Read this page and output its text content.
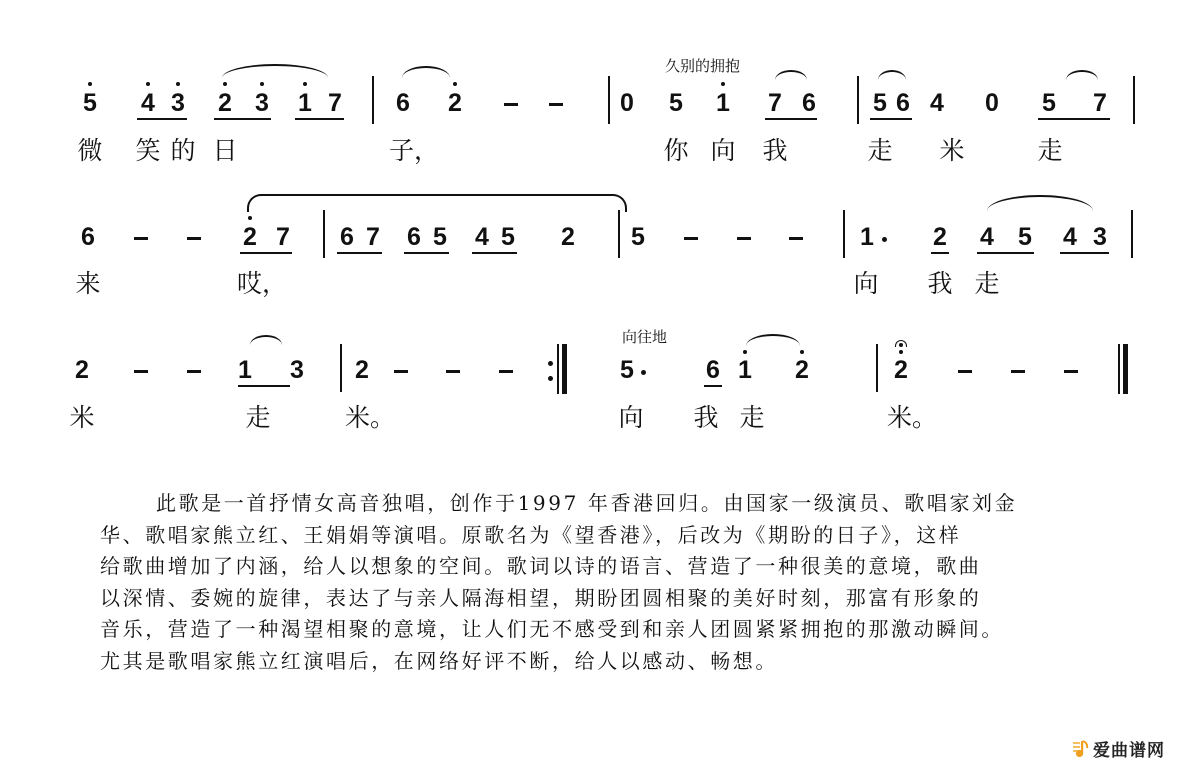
5 4 3 2 3 1 7 6 2
久别的拥抱
0 5 1 7 6 5 6 4 0 5 7
微 笑 的 日	子，	你 向 我	走 米	走
6	2 7 6 7 6 5 4 5 2 5	1 2 4 5 4 3
来	哎，	向 我 走
2	1 3 2
向往地
5	6 1 2	2
米	走	米。	向 我 走	米。

此歌是一首抒情女高音独唱，创作于1997 年香港回归。由国家一级演员、歌唱家刘金

华、歌唱家熊立红、王娟娟等演唱。原歌名为《望香港》，后改为《期盼的日子》，这样

给歌曲增加了内涵，给人以想象的空间。歌词以诗的语言、营造了一种很美的意境，歌曲

以深情、委婉的旋律，表达了与亲人隔海相望，期盼团圆相聚的美好时刻，那富有形象的

音乐，营造了一种渴望相聚的意境，让人们无不感受到和亲人团圆紧紧拥抱的那激动瞬间。

尤其是歌唱家熊立红演唱后，在网络好评不断，给人以感动、畅想。

爱曲谱网
